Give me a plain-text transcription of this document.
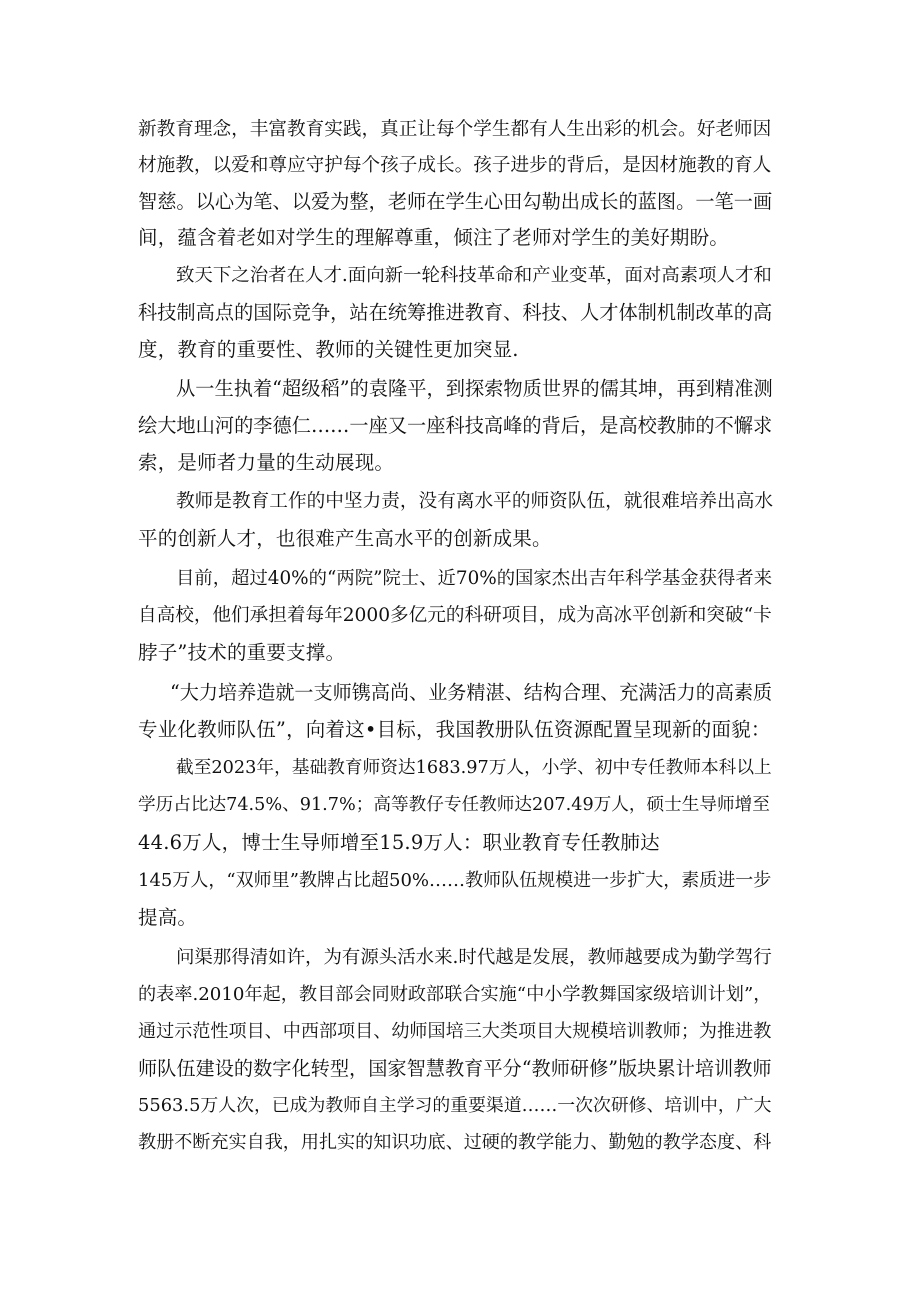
新教育理念，丰富教育实践，真正让每个学生都有人生出彩的机会。好老师因
材施教，以爱和尊应守护每个孩子成长。孩子进步的背后，是因材施教的育人
智慈。以心为笔、以爱为整，老师在学生心田勾勒出成长的蓝图。一笔一画
间，蕴含着老如对学生的理解尊重，倾注了老师对学生的美好期盼。
致天下之治者在人才.面向新一轮科技革命和产业变革，面对高素项人才和
科技制高点的国际竞争，站在统筹推进教育、科技、人才体制机制改革的高
度，教育的重要性、教师的关键性更加突显.
从一生执着“超级稻”的袁隆平，到探索物质世界的儒其坤，再到精准测
绘大地山河的李德仁……一座又一座科技高峰的背后，是高校教肺的不懈求
索，是师者力量的生动展现。
教师是教育工作的中坚力责，没有离水平的师资队伍，就很难培养出高水
平的创新人才，也很难产生高水平的创新成果。
目前，超过40%的“两院”院士、近70%的国家杰出吉年科学基金获得者来
自高校，他们承担着每年2000多亿元的科研项目，成为高冰平创新和突破“卡
脖子”技术的重要支撑。
“大力培养造就一支师镌高尚、业务精湛、结构合理、充满活力的高素质
专业化教师队伍”，向着这•目标，我国教册队伍资源配置呈现新的面貌：
截至2023年，基础教育师资达1683.97万人，小学、初中专任教师本科以上
学历占比达74.5%、91.7%；高等教仔专任教师达207.49万人，硕士生导师增至
44.6万人，博士生导师增至15.9万人：职业教育专任教肺达
145万人，“双师里”教牌占比超50%……教师队伍规模进一步扩大，素质进一步
提高。
问渠那得清如许，为有源头活水来.时代越是发展，教师越要成为勤学驾行
的表率.2010年起，教目部会同财政部联合实施“中小学教舞国家级培训计划”，
通过示范性项目、中西部项目、幼师国培三大类项目大规模培训教师；为推进教
师队伍建设的数字化转型，国家智慧教育平分“教师研修”版块累计培训教师
5563.5万人次，已成为教师自主学习的重要渠道……一次次研修、培训中，广大
教册不断充实自我，用扎实的知识功底、过硬的教学能力、勤勉的教学态度、科
